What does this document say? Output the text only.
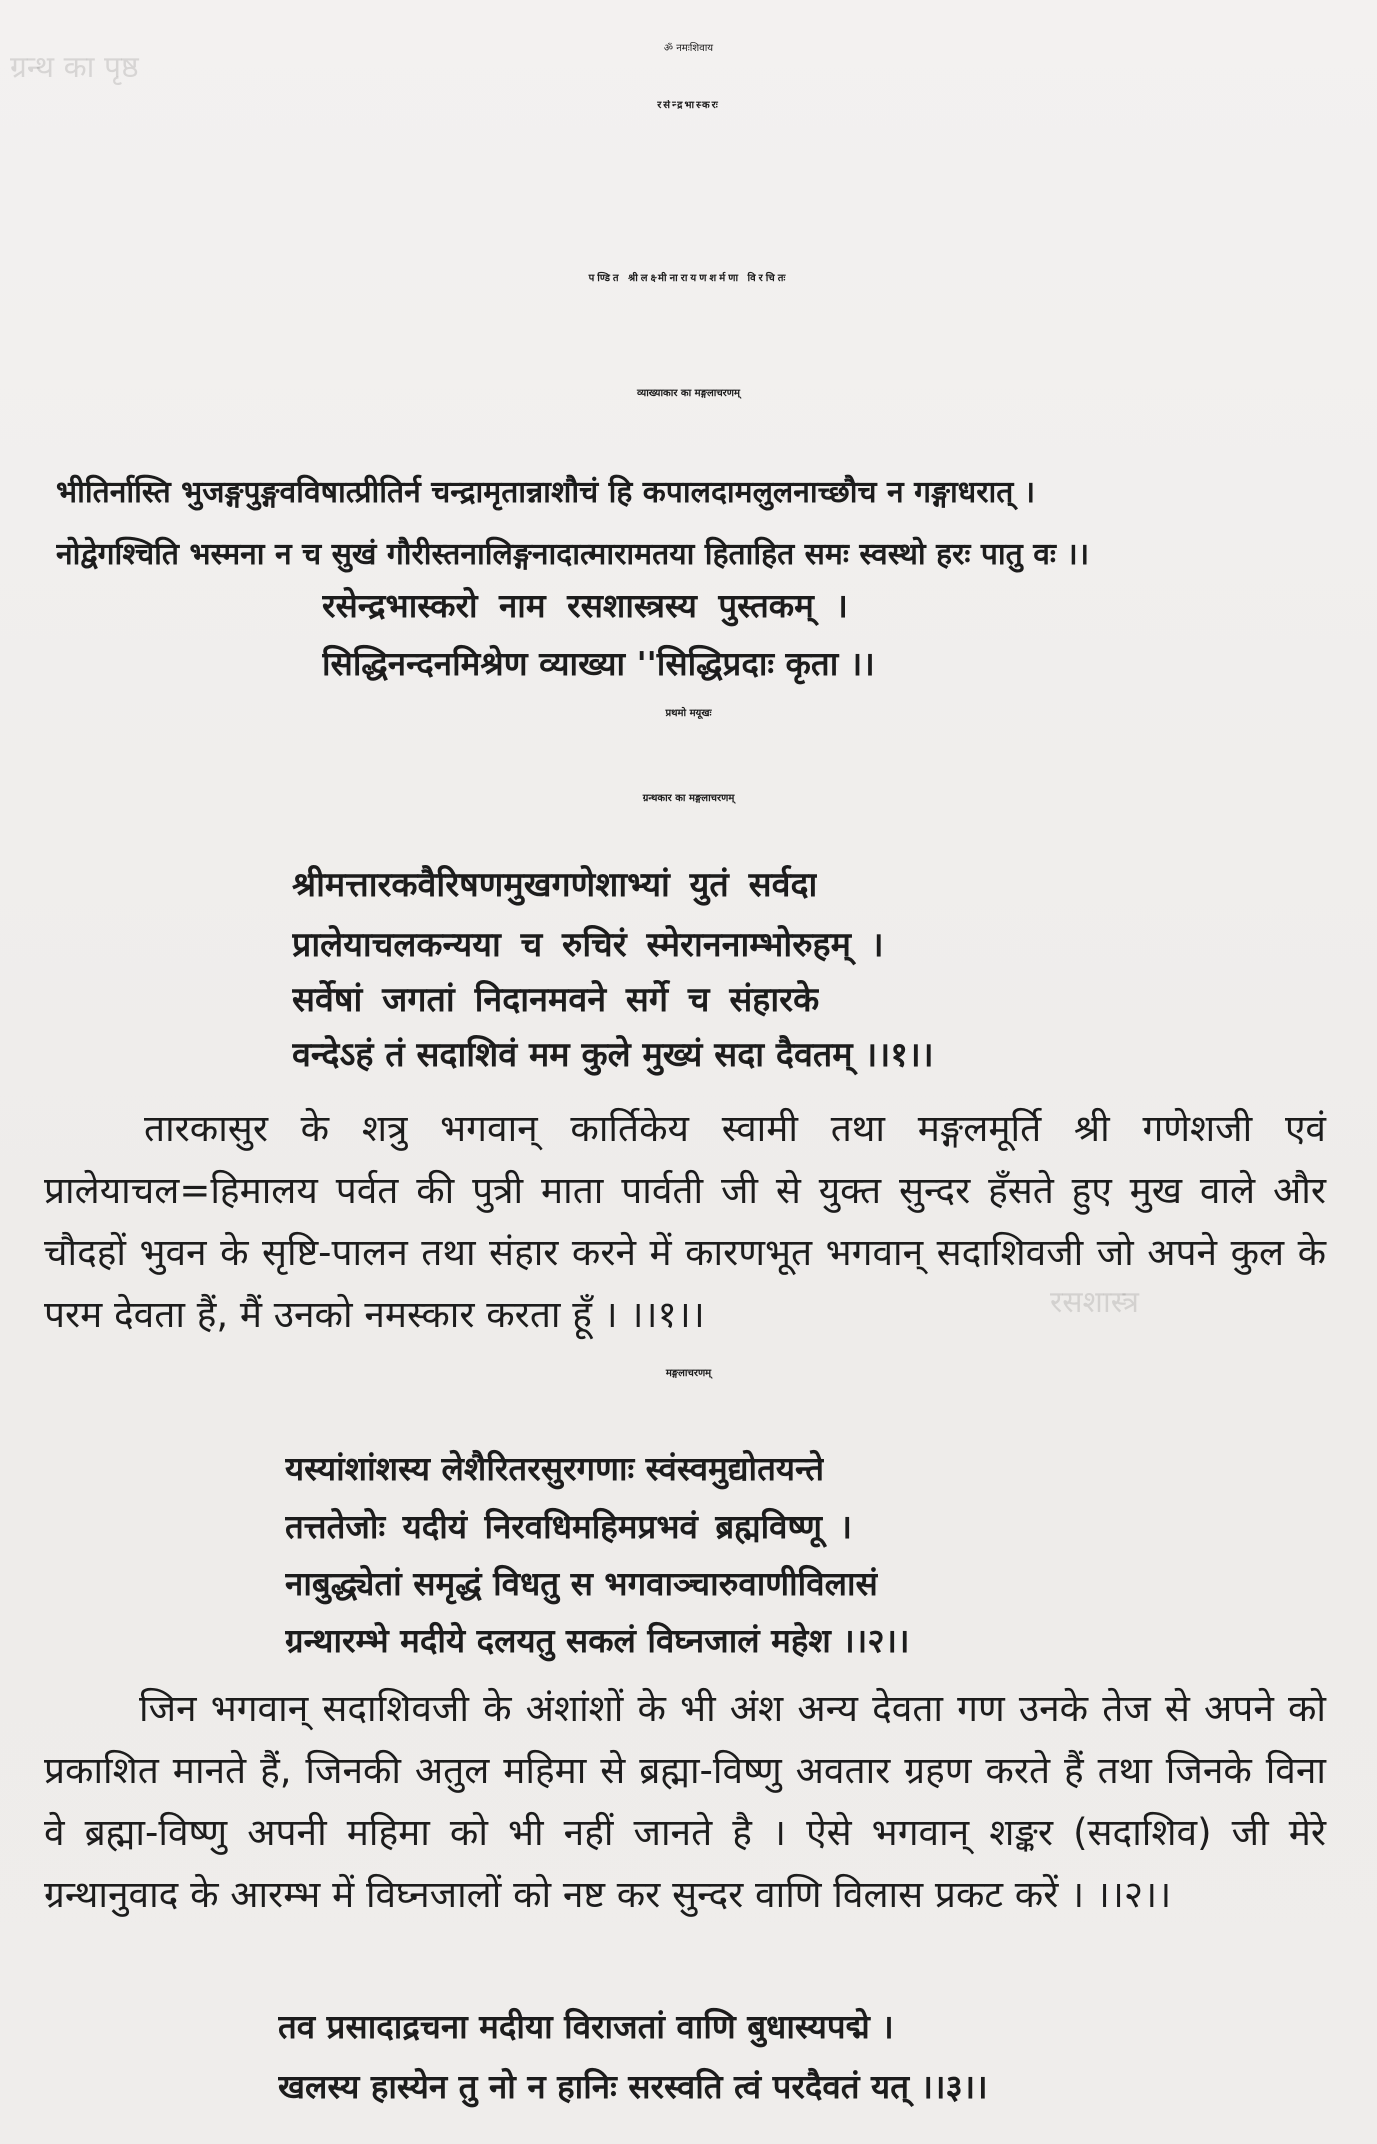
ग्रन्थ का पृष्ठ
रसशास्त्र
ॐ नमःशिवाय
रसेन्द्रभास्करः
पण्डित श्रीलक्ष्मीनारायणशर्मणा विरचितः
व्याख्याकार का मङ्गलाचरणम्
भीतिर्नास्ति भुजङ्गपुङ्गवविषात्प्रीतिर्न चन्द्रामृतान्नाशौचं हि कपालदामलुलनाच्छौच न गङ्गाधरात् ।
नोद्वेगश्चिति भस्मना न च सुखं गौरीस्तनालिङ्गनादात्मारामतया हिताहित समः स्वस्थो हरः पातु वः ।।
रसेन्द्रभास्करो नाम रसशास्त्रस्य पुस्तकम् ।
सिद्धिनन्दनमिश्रेण व्याख्या ''सिद्धिप्रदाः कृता ।।
प्रथमो मयूखः
ग्रन्थकार का मङ्गलाचरणम्
श्रीमत्तारकवैरिषणमुखगणेशाभ्यां युतं सर्वदा
प्रालेयाचलकन्यया च रुचिरं स्मेराननाम्भोरुहम् ।
सर्वेषां जगतां निदानमवने सर्गे च संहारके
वन्देऽहं तं सदाशिवं मम कुले मुख्यं सदा दैवतम् ।।१।।
तारकासुर के शत्रु भगवान् कार्तिकेय स्वामी तथा मङ्गलमूर्ति श्री गणेशजी एवं प्रालेयाचल=हिमालय पर्वत की पुत्री माता पार्वती जी से युक्त सुन्दर हँसते हुए मुख वाले और चौदहों भुवन के सृष्टि-पालन तथा संहार करने में कारणभूत भगवान् सदाशिवजी जो अपने कुल के परम देवता हैं, मैं उनको नमस्कार करता हूँ । ।।१।।
मङ्गलाचरणम्
यस्यांशांशस्य लेशैरितरसुरगणाः स्वंस्वमुद्योतयन्ते
तत्ततेजोः यदीयं निरवधिमहिमप्रभवं ब्रह्मविष्णू ।
नाबुद्ध्येतां समृद्धं विधतु स भगवाञ्चारुवाणीविलासं
ग्रन्थारम्भे मदीये दलयतु सकलं विघ्नजालं महेश ।।२।।
जिन भगवान् सदाशिवजी के अंशांशों के भी अंश अन्य देवता गण उनके तेज से अपने को प्रकाशित मानते हैं, जिनकी अतुल महिमा से ब्रह्मा-विष्णु अवतार ग्रहण करते हैं तथा जिनके विना वे ब्रह्मा-विष्णु अपनी महिमा को भी नहीं जानते है । ऐसे भगवान् शङ्कर (सदाशिव) जी मेरे ग्रन्थानुवाद के आरम्भ में विघ्नजालों को नष्ट कर सुन्दर वाणि विलास प्रकट करें । ।।२।।
तव प्रसादाद्रचना मदीया विराजतां वाणि बुधास्यपद्मे ।
खलस्य हास्येन तु नो न हानिः सरस्वति त्वं परदैवतं यत् ।।३।।
